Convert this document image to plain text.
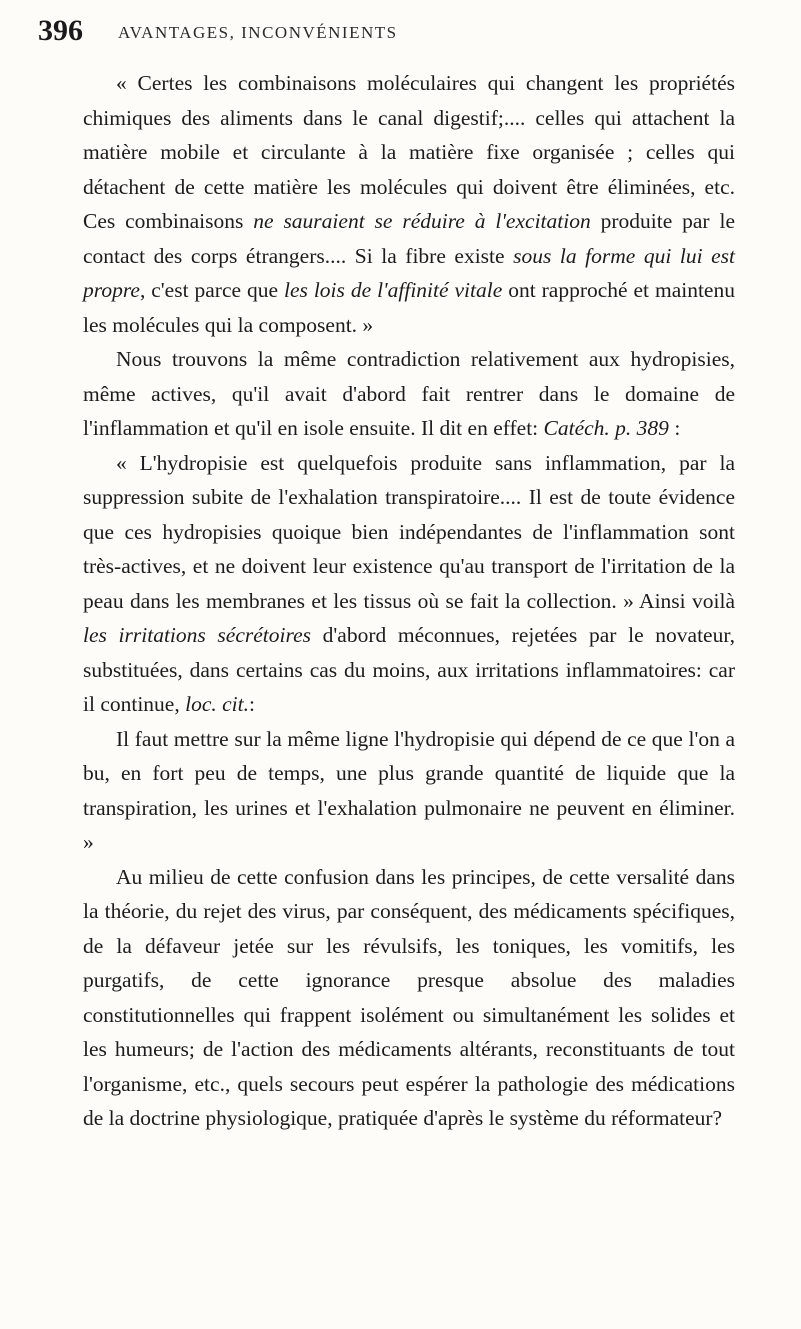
396 AVANTAGES, INCONVÉNIENTS

« Certes les combinaisons moléculaires qui changent les propriétés chimiques des aliments dans le canal digestif;.... celles qui attachent la matière mobile et circulante à la matière fixe organisée ; celles qui détachent de cette matière les molécules qui doivent être éliminées, etc. Ces combinaisons ne sauraient se réduire à l'excitation produite par le contact des corps étrangers.... Si la fibre existe sous la forme qui lui est propre, c'est parce que les lois de l'affinité vitale ont rapproché et maintenu les molécules qui la composent. »

Nous trouvons la même contradiction relativement aux hydropisies, même actives, qu'il avait d'abord fait rentrer dans le domaine de l'inflammation et qu'il en isole ensuite. Il dit en effet: Catéch. p. 389 :

« L'hydropisie est quelquefois produite sans inflammation, par la suppression subite de l'exhalation transpiratoire.... Il est de toute évidence que ces hydropisies quoique bien indépendantes de l'inflammation sont très-actives, et ne doivent leur existence qu'au transport de l'irritation de la peau dans les membranes et les tissus où se fait la collection. » Ainsi voilà les irritations sécrétoires d'abord méconnues, rejetées par le novateur, substituées, dans certains cas du moins, aux irritations inflammatoires: car il continue, loc. cit.:

Il faut mettre sur la même ligne l'hydropisie qui dépend de ce que l'on a bu, en fort peu de temps, une plus grande quantité de liquide que la transpiration, les urines et l'exhalation pulmonaire ne peuvent en éliminer. »

Au milieu de cette confusion dans les principes, de cette versalité dans la théorie, du rejet des virus, par conséquent, des médicaments spécifiques, de la défaveur jetée sur les révulsifs, les toniques, les vomitifs, les purgatifs, de cette ignorance presque absolue des maladies constitutionnelles qui frappent isolément ou simultanément les solides et les humeurs; de l'action des médicaments altérants, reconstituants de tout l'organisme, etc., quels secours peut espérer la pathologie des médications de la doctrine physiologique, pratiquée d'après le système du réformateur?
